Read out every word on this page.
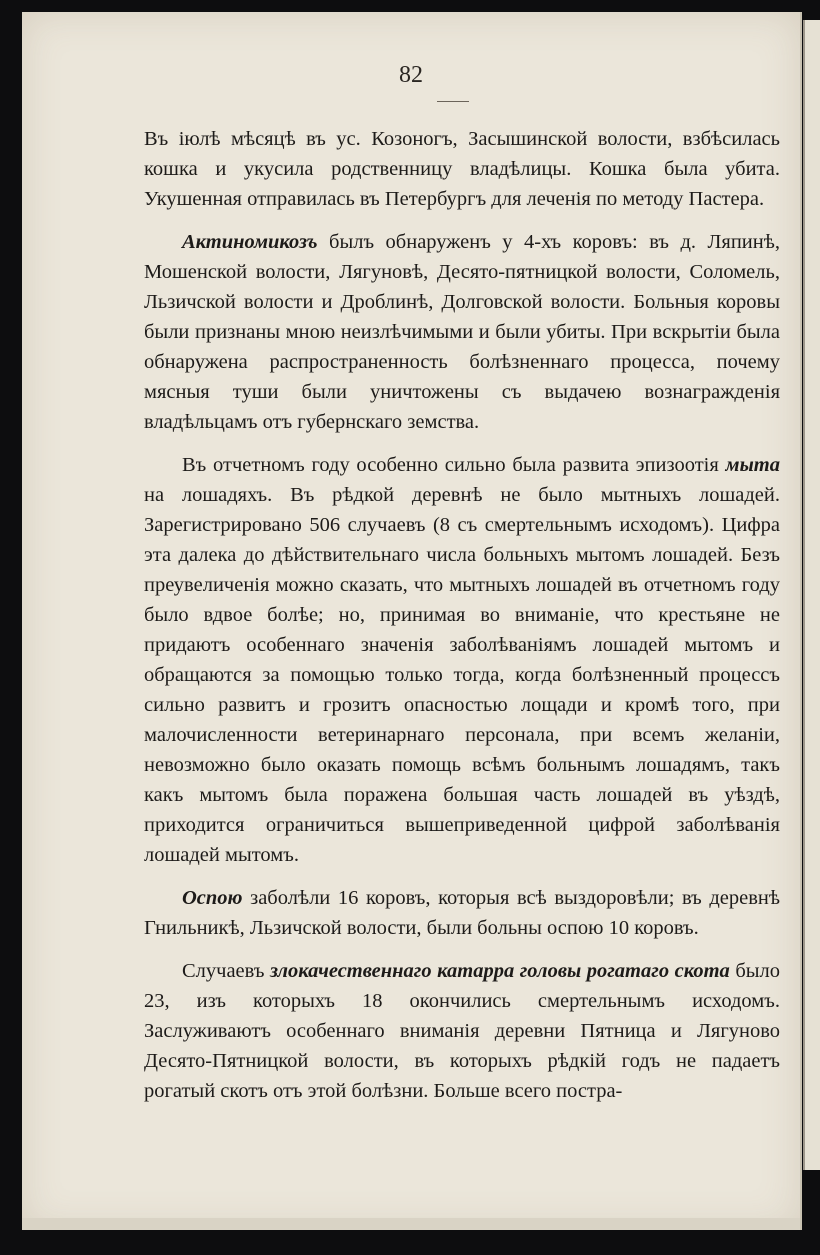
82

Въ іюлѣ мѣсяцѣ въ ус. Козоногъ, Засышинской волости, взбѣсилась кошка и укусила родственницу владѣлицы. Кошка была убита. Укушенная отправилась въ Петербургъ для леченія по методу Пастера.

Актиномикозъ былъ обнаруженъ у 4-хъ коровъ: въ д. Ляпинѣ, Мошенской волости, Лягуновѣ, Десято-пятницкой волости, Соломель, Льзичской волости и Дроблинѣ, Долговской волости. Больныя коровы были признаны мною неизлѣчимыми и были убиты. При вскрытіи была обнаружена распространенность болѣзненнаго процесса, почему мясныя туши были уничтожены съ выдачею вознагражденія владѣльцамъ отъ губернскаго земства.

Въ отчетномъ году особенно сильно была развита эпизоотія мыта на лошадяхъ. Въ рѣдкой деревнѣ не было мытныхъ лошадей. Зарегистрировано 506 случаевъ (8 съ смертельнымъ исходомъ). Цифра эта далека до дѣйствительнаго числа больныхъ мытомъ лошадей. Безъ преувеличенія можно сказать, что мытныхъ лошадей въ отчетномъ году было вдвое болѣе; но, принимая во вниманіе, что крестьяне не придаютъ особеннаго значенія заболѣваніямъ лошадей мытомъ и обращаются за помощью только тогда, когда болѣзненный процессъ сильно развитъ и грозитъ опасностью лощади и кромѣ того, при малочисленности ветеринарнаго персонала, при всемъ желаніи, невозможно было оказать помощь всѣмъ больнымъ лошадямъ, такъ какъ мытомъ была поражена большая часть лошадей въ уѣздѣ, приходится ограничиться вышеприведенной цифрой заболѣванія лошадей мытомъ.

Оспою заболѣли 16 коровъ, которыя всѣ выздоровѣли; въ деревнѣ Гнильникѣ, Льзичской волости, были больны оспою 10 коровъ.

Случаевъ злокачественнаго катарра головы рогатаго скота было 23, изъ которыхъ 18 окончились смертельнымъ исходомъ. Заслуживаютъ особеннаго вниманія деревни Пятница и Лягуново Десято-Пятницкой волости, въ которыхъ рѣдкій годъ не падаетъ рогатый скотъ отъ этой болѣзни. Больше всего постра-
